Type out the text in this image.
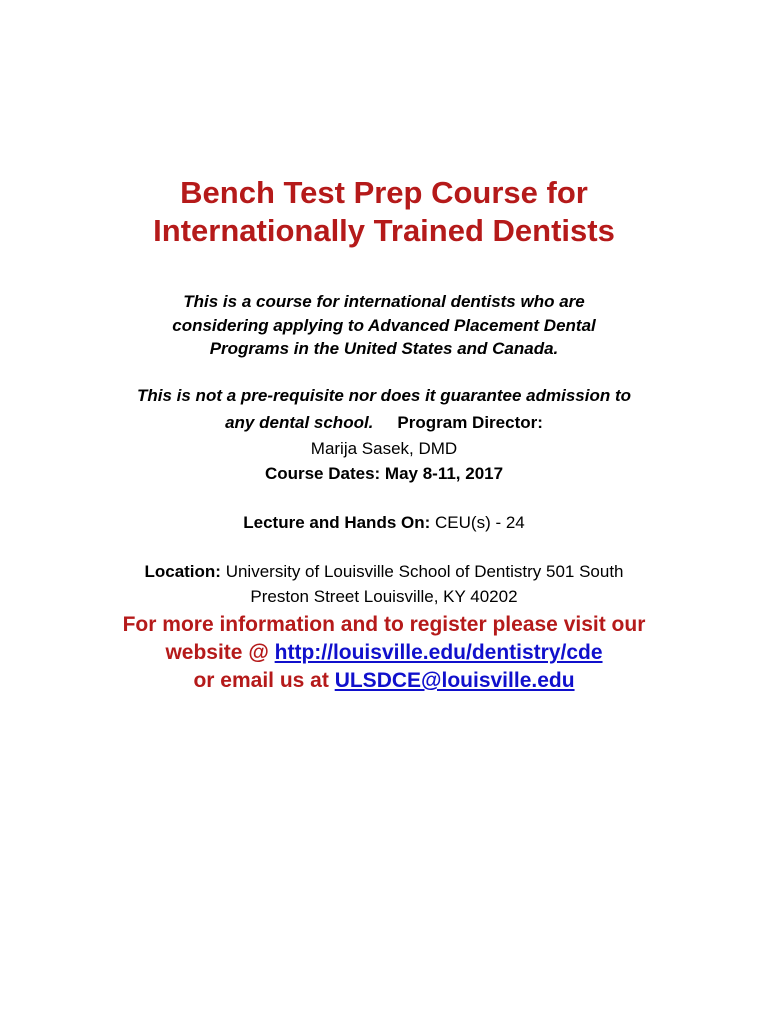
Bench Test Prep Course for
Internationally Trained Dentists
This is a course for international dentists who are
considering applying to Advanced Placement Dental
Programs in the United States and Canada.
This is not a pre-requisite nor does it guarantee admission to
any dental school. Program Director:
Marija Sasek, DMD
Course Dates: May 8-11, 2017
Lecture and Hands On: CEU(s) - 24
Location: University of Louisville School of Dentistry 501 South
Preston Street Louisville, KY 40202
For more information and to register please visit our
website @ http://louisville.edu/dentistry/cde
or email us at ULSDCE@louisville.edu
